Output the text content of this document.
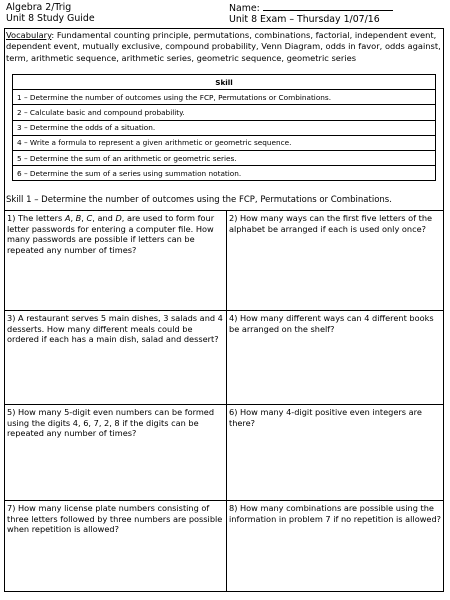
Algebra 2/Trig
Unit 8 Study Guide
Name:
Unit 8 Exam – Thursday 1/07/16
Vocabulary: Fundamental counting principle, permutations, combinations, factorial, independent event, dependent event, mutually exclusive, compound probability, Venn Diagram, odds in favor, odds against, term, arithmetic sequence, arithmetic series, geometric sequence, geometric series
Skill
1 – Determine the number of outcomes using the FCP, Permutations or Combinations.
2 – Calculate basic and compound probability.
3 – Determine the odds of a situation.
4 – Write a formula to represent a given arithmetic or geometric sequence.
5 – Determine the sum of an arithmetic or geometric series.
6 – Determine the sum of a series using summation notation.
Skill 1 – Determine the number of outcomes using the FCP, Permutations or Combinations.
1) The letters A, B, C, and D, are used to form four letter passwords for entering a computer file. How many passwords are possible if letters can be repeated any number of times?
2) How many ways can the first five letters of the alphabet be arranged if each is used only once?
3) A restaurant serves 5 main dishes, 3 salads and 4 desserts. How many different meals could be ordered if each has a main dish, salad and dessert?
4) How many different ways can 4 different books be arranged on the shelf?
5) How many 5-digit even numbers can be formed using the digits 4, 6, 7, 2, 8 if the digits can be repeated any number of times?
6) How many 4-digit positive even integers are there?
7) How many license plate numbers consisting of three letters followed by three numbers are possible when repetition is allowed?
8) How many combinations are possible using the information in problem 7 if no repetition is allowed?
